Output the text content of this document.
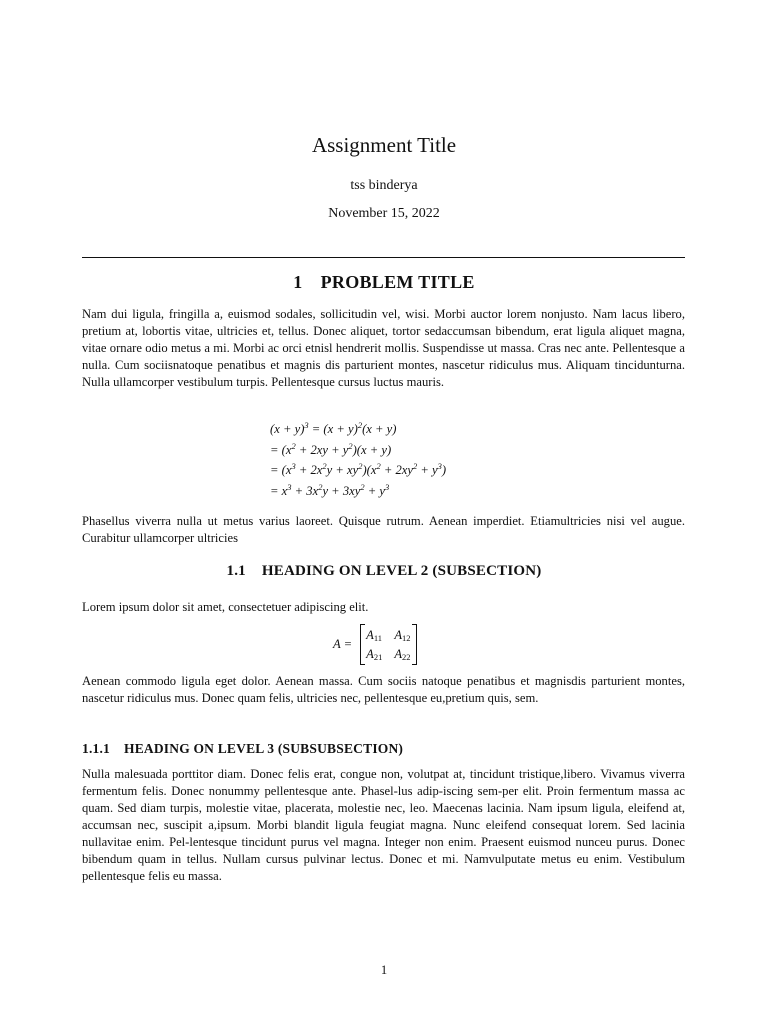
Assignment Title
tss binderya
November 15, 2022
1 PROBLEM TITLE

Nam dui ligula, fringilla a, euismod sodales, sollicitudin vel, wisi. Morbi auctor lorem nonjusto. Nam lacus libero, pretium at, lobortis vitae, ultricies et, tellus. Donec aliquet, tortor sedaccumsan bibendum, erat ligula aliquet magna, vitae ornare odio metus a mi. Morbi ac orci etnisl hendrerit mollis. Suspendisse ut massa. Cras nec ante. Pellentesque a nulla. Cum sociisnatoque penatibus et magnis dis parturient montes, nascetur ridiculus mus. Aliquam tincidunturna. Nulla ullamcorper vestibulum turpis. Pellentesque cursus luctus mauris.

$(x + y)^3 = (x + y)^2(x + y)$
= $(x^2 + 2xy + y^2)(x + y)$
= $(x^3 + 2x^2y + xy^2)(x^2 + 2xy^2 + y^3)$
= $x^3 + 3x^2y + 3xy^2 + y^3$

Phasellus viverra nulla ut metus varius laoreet. Quisque rutrum. Aenean imperdiet. Etiamultricies nisi vel augue. Curabitur ullamcorper ultricies

1.1 HEADING ON LEVEL 2 (SUBSECTION)

Lorem ipsum dolor sit amet, consectetuer adipiscing elit.

A =
$A_{11}$ $A_{12}$
$A_{21}$ $A_{22}$

Aenean commodo ligula eget dolor. Aenean massa. Cum sociis natoque penatibus et magnisdis parturient montes, nascetur ridiculus mus. Donec quam felis, ultricies nec, pellentesque eu,pretium quis, sem.

1.1.1 HEADING ON LEVEL 3 (SUBSUBSECTION)

Nulla malesuada porttitor diam. Donec felis erat, congue non, volutpat at, tincidunt tristique,libero. Vivamus viverra fermentum felis. Donec nonummy pellentesque ante. Phasel-lus adip-iscing sem-per elit. Proin fermentum massa ac quam. Sed diam turpis, molestie vitae, placerata, molestie nec, leo. Maecenas lacinia. Nam ipsum ligula, eleifend at, accumsan nec, suscipit a,ipsum. Morbi blandit ligula feugiat magna. Nunc eleifend consequat lorem. Sed lacinia nullavitae enim. Pel-lentesque tincidunt purus vel magna. Integer non enim. Praesent euismod nunceu purus. Donec bibendum quam in tellus. Nullam cursus pulvinar lectus. Donec et mi. Namvulputate metus eu enim. Vestibulum pellentesque felis eu massa.

1
